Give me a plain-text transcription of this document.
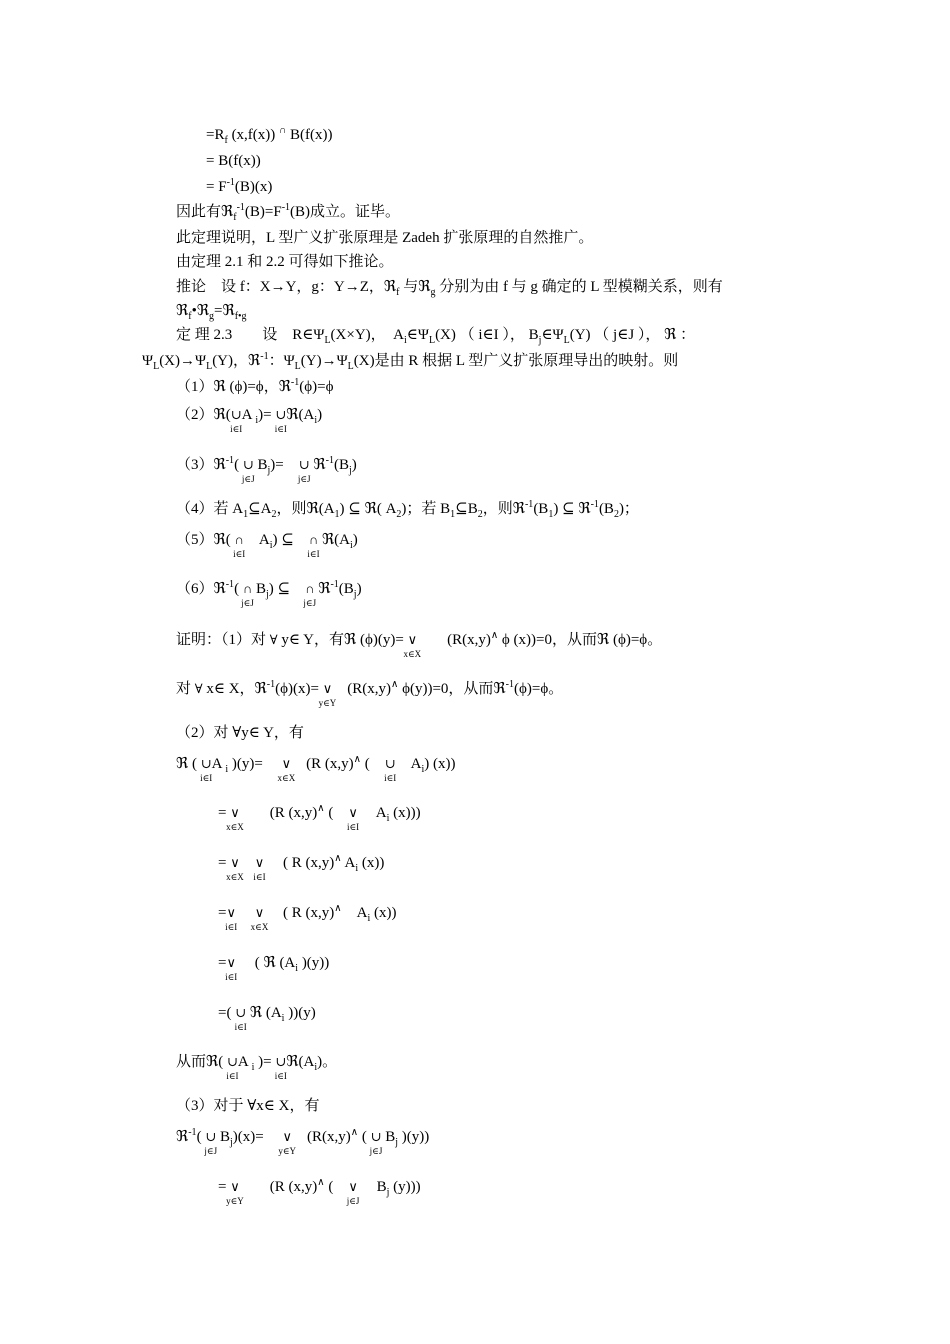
$=R_f$ (x,f(x)) ∩ B(f(x))
= B(f(x))
= $F^{-1}(B)(x)$
因此有$ℜ_f^{-1}(B)=F^{-1}(B)$成立。证毕。
此定理说明，L 型广义扩张原理是 Zadeh 扩张原理的自然推广。
由定理 2.1 和 2.2 可得如下推论。
推论　设 f：X→Y，g：Y→Z，ℜ$_f$ 与ℜ$_g$ 分别为由 f 与 g 确定的 L 型模糊关系，则有
ℜ$_f$•ℜ$_g$=ℜ$_{f•g}$
定 理 2.3　　设　$R\in\Psi_L(X\times Y)$，　$A_i\in\Psi_L(X)$ （ i∈I ）， $B_j\in\Psi_L(Y)$ （ j∈J ）， ℜ ：
$\Psi_L(X)\to\Psi_L(Y)$，ℜ$^{-1}$：$\Psi_L(Y)\to\Psi_L(X)$是由 R 根据 L 型广义扩张原理导出的映射。则
（1）ℜ (ϕ)=ϕ，ℜ$^{-1}$(ϕ)=ϕ
（2）ℜ(∪
i∈I
A $_i$)= ∪
i∈I
$ℜ(A_i)$
（3）ℜ$^{-1}$( ∪
j∈J
$B_j)=$　∪
j∈J
$ℜ^{-1}(B_j)$
（4）若 $A_1⊆A_2$，则$ℜ(A_1)$ ⊆ ℜ( $A_2$)；若 $B_1⊆B_2$，则$ℜ^{-1}(B_1)$ ⊆ $ℜ^{-1}(B_2)$；
（5）ℜ( ∩
i∈I
　$A_i$) ⊆　∩
i∈I
$ℜ(A_i)$
（6）ℜ$^{-1}$( ∩
j∈J
$B_j$) ⊆　∩
j∈J
$ℜ^{-1}(B_j)$
证明：（1）对 ∀ y∈ Y，有ℜ (ϕ)(y)= ∨
x∈X
　　(R(x,y)∧ ϕ (x))=0，从而ℜ (ϕ)=ϕ。
对 ∀ x∈ X，ℜ$^{-1}$(ϕ)(x)= ∨
y∈Y
　(R(x,y)∧ ϕ(y))=0，从而ℜ$^{-1}$(ϕ)=ϕ。
（2）对 ∀y∈ Y，有
ℜ ( ∪
i∈I
A $_i$ )(y)=　 ∨
x∈X
　(R (x,y)∧ (　∪
i∈I
　$A_i$) (x))
= ∨
x∈X
　　(R (x,y)∧ (　∨
i∈I
　 $A_i$ (x)))
= ∨
x∈X
　∨
i∈I
　 ( R (x,y)∧ $A_i$ (x))
=∨
i∈I
　 ∨
x∈X
　 ( R (x,y)∧　$A_i$ (x))
=∨
i∈I
　 ( ℜ ($A_i$ )(y))
=( ∪
i∈I
ℜ ($A_i$ ))(y)
从而ℜ( ∪
i∈I
A $_i$ )= ∪
i∈I
$ℜ(A_i)$。
（3）对于 ∀x∈ X，有
ℜ$^{-1}$( ∪
j∈J
$B_j)(x)=$　 ∨
y∈Y
　(R(x,y)∧ ( ∪
j∈J
$B_j$ )(y))
= ∨
y∈Y
　　(R (x,y)∧ (　∨
j∈J
　 $B_j$ (y)))
